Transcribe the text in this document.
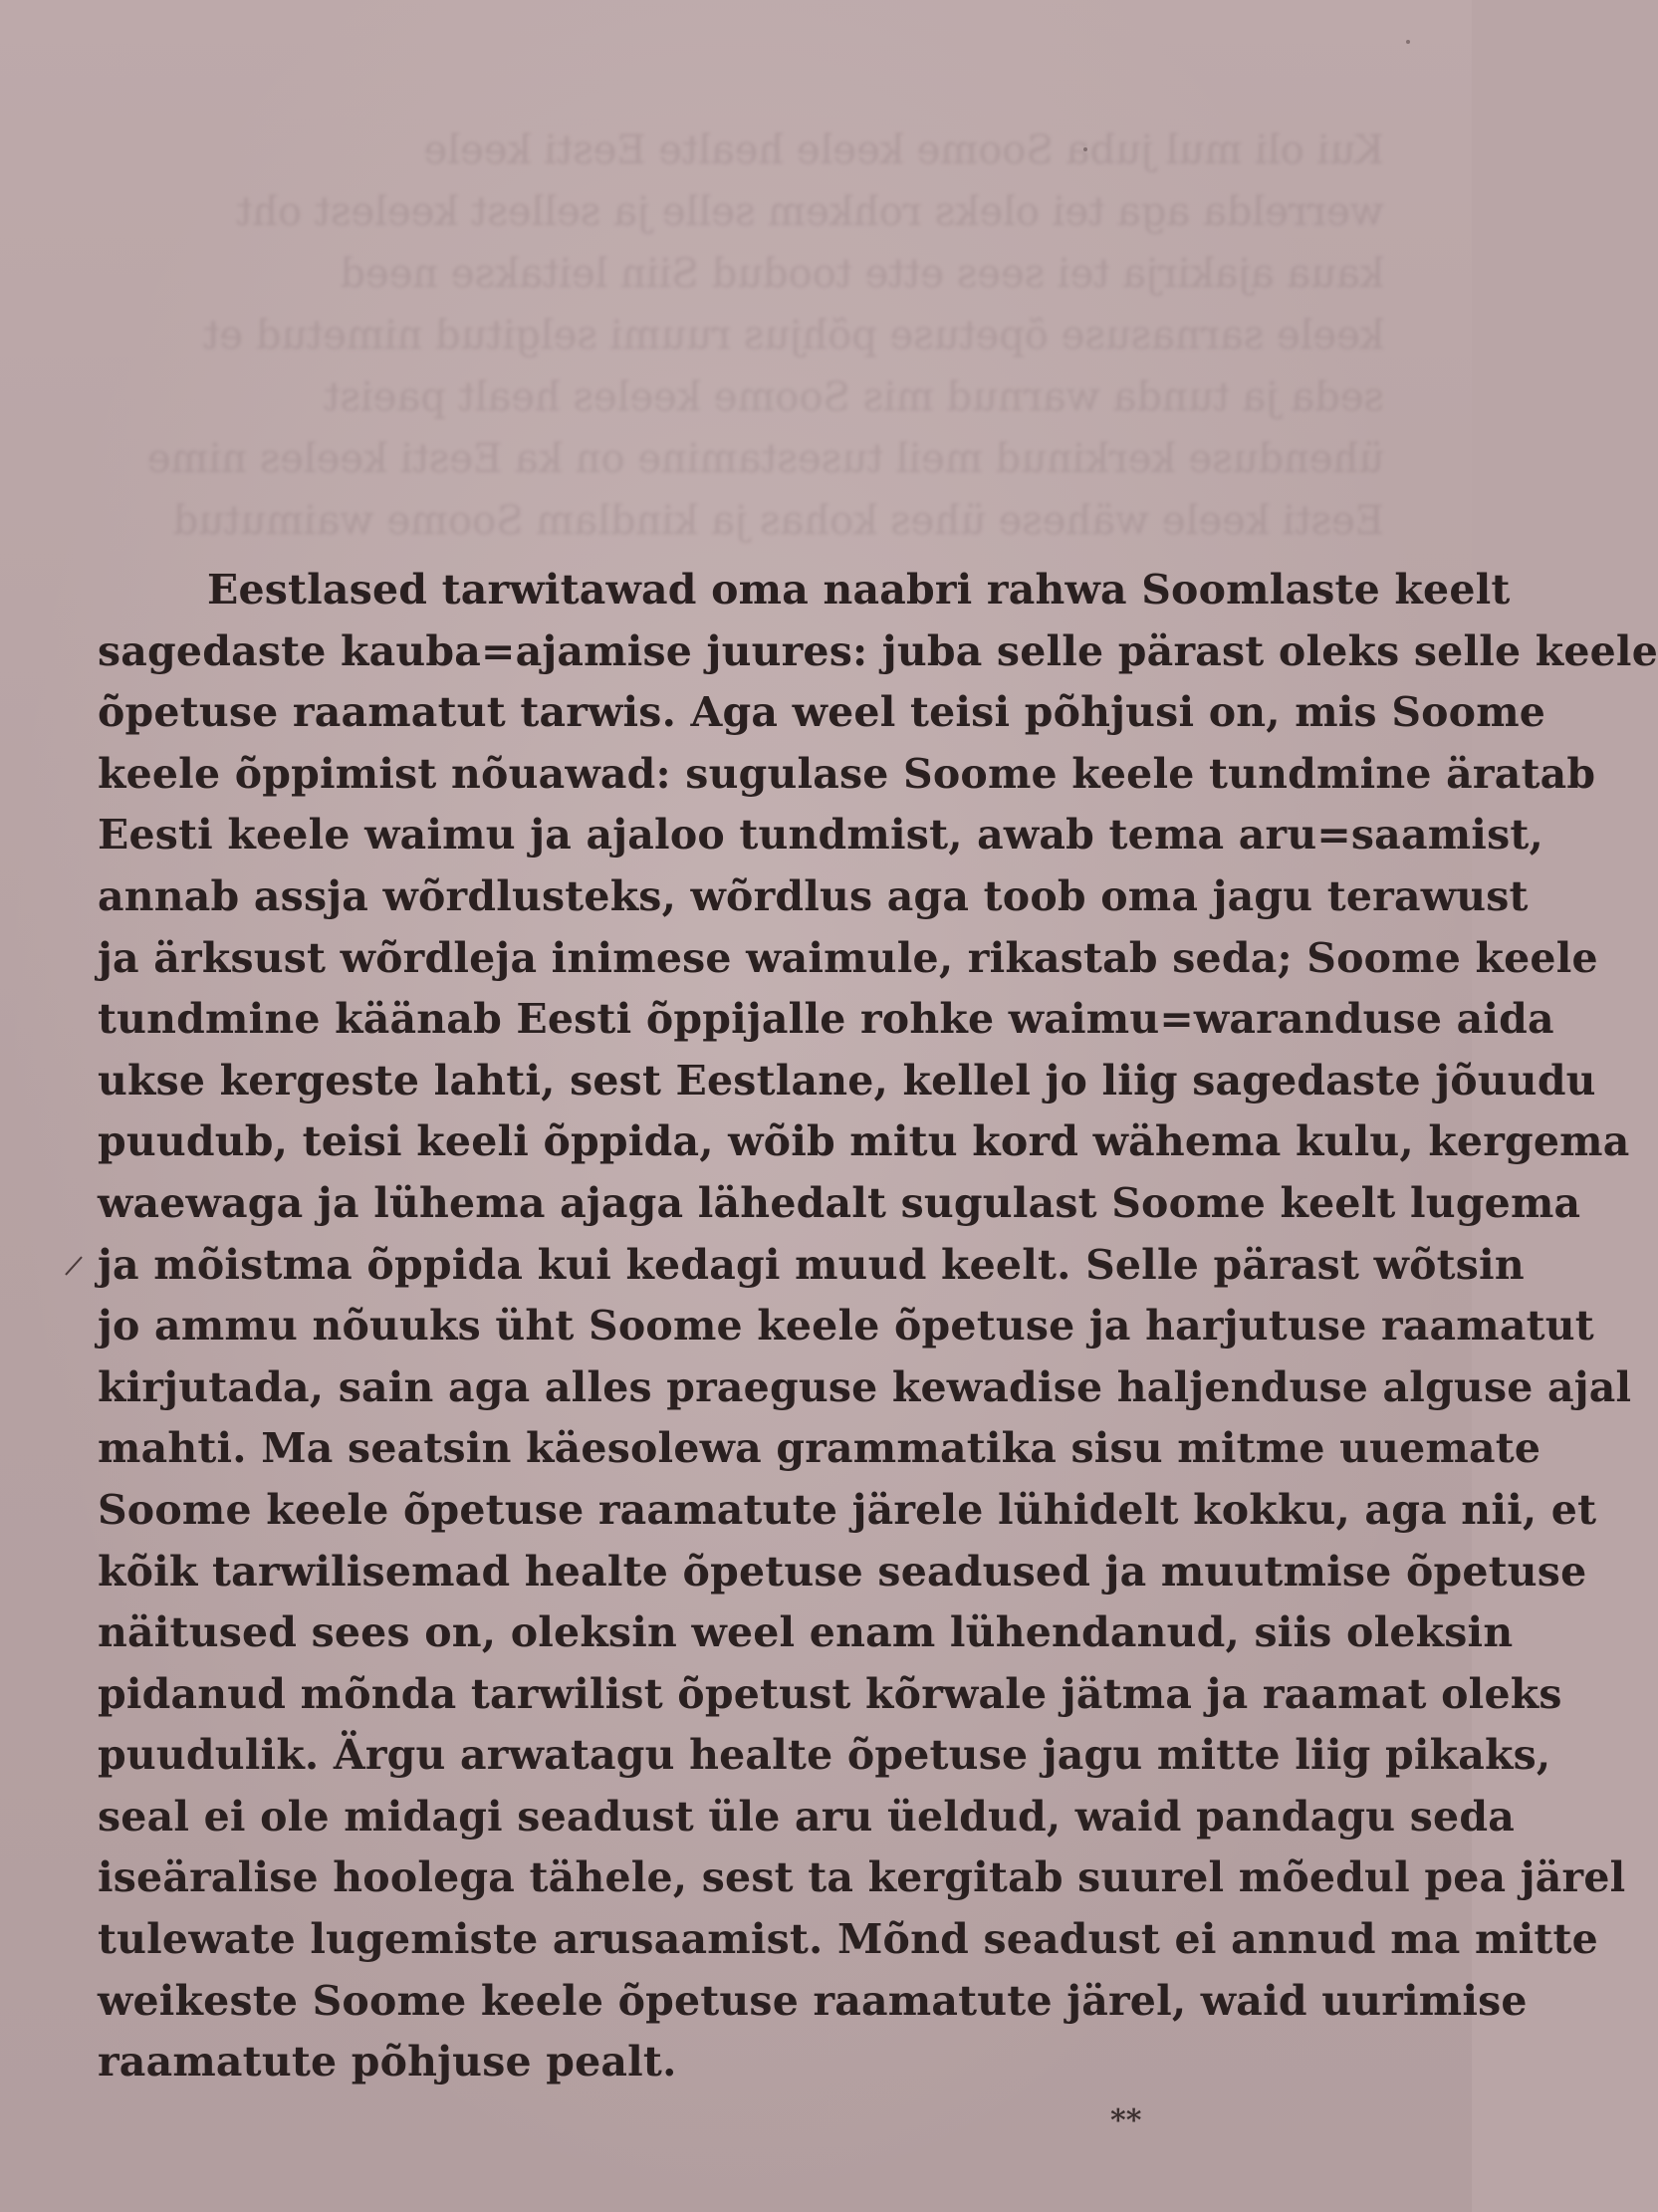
Kui oli mul juba Soome keele healte Eesti keele
werrelda aga tei oleks rohkem selle ja sellest keelest oht
kaua ajakirja tei sees ette toodud Siin leitakse need
keele sarnasuse õpetuse põhjus ruumi selgitud nimetud et
seda ja tunda warnud mis Soome keeles healt paeist
ühenduse kerkinud meil tusestamine on ka Eesti keeles nime
Eesti keele wähese ühes kohas ja kindlam Soome waimutud
Eestlased tarwitawad oma naabri rahwa Soomlaste keelt
sagedaste kauba=ajamise juures: juba selle pärast oleks selle keele
õpetuse raamatut tarwis. Aga weel teisi põhjusi on, mis Soome
keele õppimist nõuawad: sugulase Soome keele tundmine äratab
Eesti keele waimu ja ajaloo tundmist, awab tema aru=saamist,
annab assja wõrdlusteks, wõrdlus aga toob oma jagu terawust
ja ärksust wõrdleja inimese waimule, rikastab seda; Soome keele
tundmine käänab Eesti õppijalle rohke waimu=waranduse aida
ukse kergeste lahti, sest Eestlane, kellel jo liig sagedaste jõuudu
puudub, teisi keeli õppida, wõib mitu kord wähema kulu, kergema
waewaga ja lühema ajaga lähedalt sugulast Soome keelt lugema
ja mõistma õppida kui kedagi muud keelt. Selle pärast wõtsin
jo ammu nõuuks üht Soome keele õpetuse ja harjutuse raamatut
kirjutada, sain aga alles praeguse kewadise haljenduse alguse ajal
mahti. Ma seatsin käesolewa grammatika sisu mitme uuemate
Soome keele õpetuse raamatute järele lühidelt kokku, aga nii, et
kõik tarwilisemad healte õpetuse seadused ja muutmise õpetuse
näitused sees on, oleksin weel enam lühendanud, siis oleksin
pidanud mõnda tarwilist õpetust kõrwale jätma ja raamat oleks
puudulik. Ärgu arwatagu healte õpetuse jagu mitte liig pikaks,
seal ei ole midagi seadust üle aru üeldud, waid pandagu seda
iseäralise hoolega tähele, sest ta kergitab suurel mõedul pea järel
tulewate lugemiste arusaamist. Mõnd seadust ei annud ma mitte
weikeste Soome keele õpetuse raamatute järel, waid uurimise
raamatute põhjuse pealt.
**
